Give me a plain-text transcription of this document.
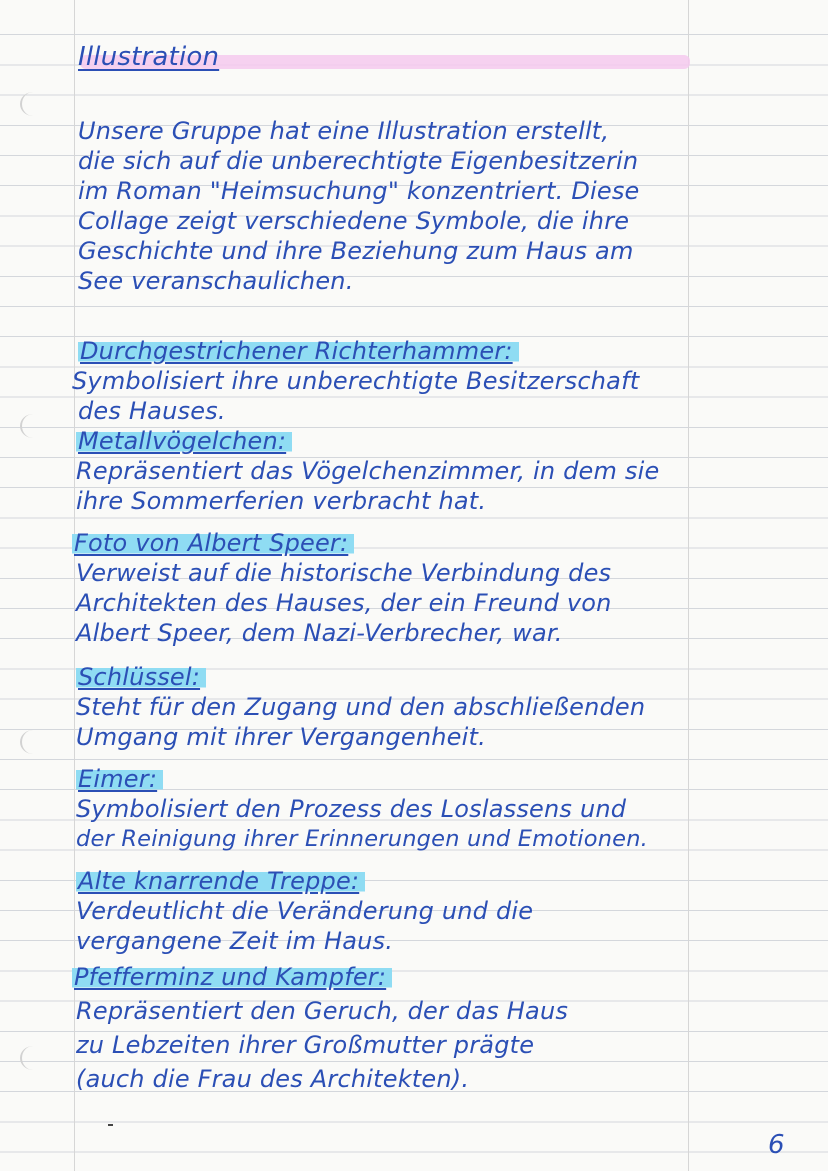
Illustration
Unsere Gruppe hat eine Illustration erstellt,
die sich auf die unberechtigte Eigenbesitzerin
im Roman "Heimsuchung" konzentriert. Diese
Collage zeigt verschiedene Symbole, die ihre
Geschichte und ihre Beziehung zum Haus am
See veranschaulichen.
Durchgestrichener Richterhammer:
Symbolisiert ihre unberechtigte Besitzerschaft
des Hauses.
Metallvögelchen:
Repräsentiert das Vögelchenzimmer, in dem sie
ihre Sommerferien verbracht hat.
Foto von Albert Speer:
Verweist auf die historische Verbindung des
Architekten des Hauses, der ein Freund von
Albert Speer, dem Nazi-Verbrecher, war.
Schlüssel:
Steht für den Zugang und den abschließenden
Umgang mit ihrer Vergangenheit.
Eimer:
Symbolisiert den Prozess des Loslassens und
der Reinigung ihrer Erinnerungen und Emotionen.
Alte knarrende Treppe:
Verdeutlicht die Veränderung und die
vergangene Zeit im Haus.
Pfefferminz und Kampfer:
Repräsentiert den Geruch, der das Haus
zu Lebzeiten ihrer Großmutter prägte
(auch die Frau des Architekten).
6
